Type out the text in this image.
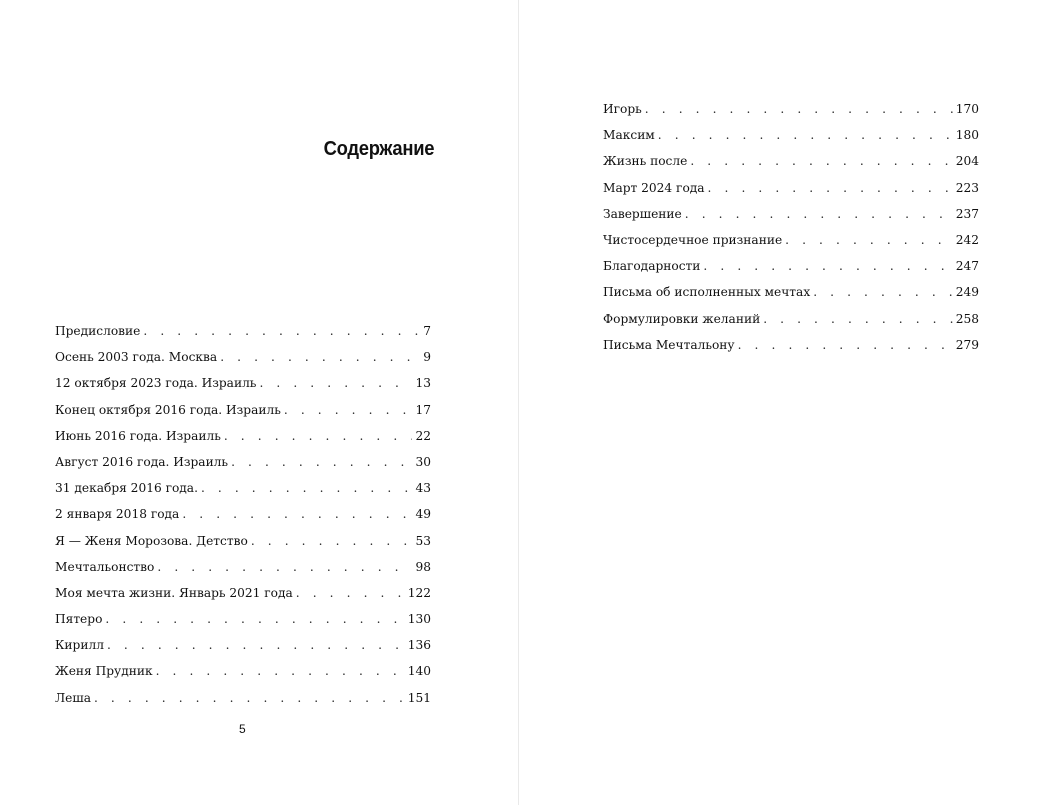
Содержание
Предисловие . . .	7
Осень 2003 года. Москва . . .	9
12 октября 2023 года. Израиль . . .	13
Конец октября 2016 года. Израиль . . .	17
Июнь 2016 года. Израиль . . .	22
Август 2016 года. Израиль . . .	30
31 декабря 2016 года. . . .	43
2 января 2018 года . . .	49
Я — Женя Морозова. Детство . . .	53
Мечтальонство . . .	98
Моя мечта жизни. Январь 2021 года . . .	122
Пятеро . . .	130
Кирилл . . .	136
Женя Прудник . . .	140
Леша . . .	151

5

Игорь . . .	170
Максим . . .	180
Жизнь после . . .	204
Март 2024 года . . .	223
Завершение . . .	237
Чистосердечное признание . . .	242
Благодарности . . .	247
Письма об исполненных мечтах . . .	249
Формулировки желаний . . .	258
Письма Мечтальону . . .	279
